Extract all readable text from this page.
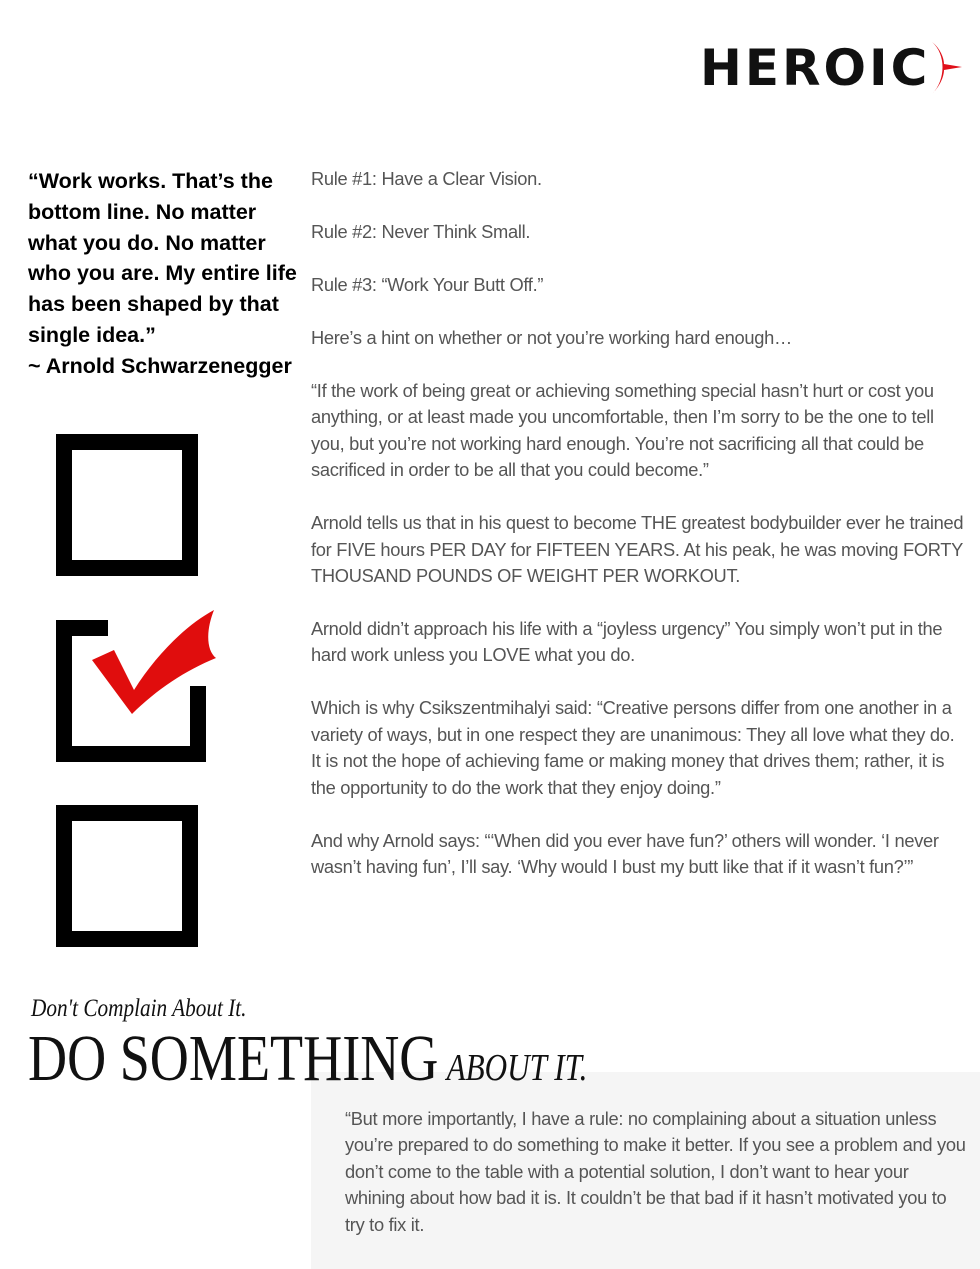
HEROIC
“Work works. That’s the bottom line. No matter what you do. No matter who you are. My entire life has been shaped by that single idea.”
~ Arnold Schwarzenegger

Rule #1: Have a Clear Vision.

Rule #2: Never Think Small.

Rule #3: “Work Your Butt Off.”

Here’s a hint on whether or not you’re working hard enough…

“If the work of being great or achieving something special hasn’t hurt or cost you anything, or at least made you uncomfortable, then I’m sorry to be the one to tell you, but you’re not working hard enough. You’re not sacrificing all that could be sacrificed in order to be all that you could become.”

Arnold tells us that in his quest to become THE greatest bodybuilder ever he trained for FIVE hours PER DAY for FIFTEEN YEARS. At his peak, he was moving FORTY THOUSAND POUNDS OF WEIGHT PER WORKOUT.

Arnold didn’t approach his life with a “joyless urgency” You simply won’t put in the hard work unless you LOVE what you do.

Which is why Csikszentmihalyi said: “Creative persons differ from one another in a variety of ways, but in one respect they are unanimous: They all love what they do. It is not the hope of achieving fame or making money that drives them; rather, it is the opportunity to do the work that they enjoy doing.”

And why Arnold says: “‘When did you ever have fun?’ others will wonder. ‘I never wasn’t having fun’, I’ll say. ‘Why would I bust my butt like that if it wasn’t fun?’”

“But more importantly, I have a rule: no complaining about a situation unless you’re prepared to do something to make it better. If you see a problem and you don’t come to the table with a potential solution, I don’t want to hear your whining about how bad it is. It couldn’t be that bad if it hasn’t motivated you to try to fix it.

Don't Complain About It.
DO SOMETHING ABOUT IT.
